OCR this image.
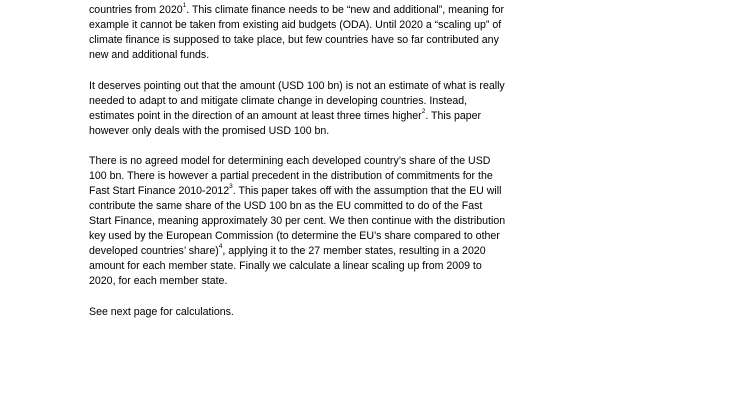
countries from 2020$^1$. This climate finance needs to be “new and additional”, meaning for
example it cannot be taken from existing aid budgets (ODA). Until 2020 a “scaling up” of
climate finance is supposed to take place, but few countries have so far contributed any
new and additional funds.
It deserves pointing out that the amount (USD 100 bn) is not an estimate of what is really
needed to adapt to and mitigate climate change in developing countries. Instead,
estimates point in the direction of an amount at least three times higher$^2$. This paper
however only deals with the promised USD 100 bn.
There is no agreed model for determining each developed country’s share of the USD
100 bn. There is however a partial precedent in the distribution of commitments for the
Fast Start Finance 2010-2012$^3$. This paper takes off with the assumption that the EU will
contribute the same share of the USD 100 bn as the EU committed to do of the Fast
Start Finance, meaning approximately 30 per cent. We then continue with the distribution
key used by the European Commission (to determine the EU’s share compared to other
developed countries’ share)$^4$, applying it to the 27 member states, resulting in a 2020
amount for each member state. Finally we calculate a linear scaling up from 2009 to
2020, for each member state.
See next page for calculations.
